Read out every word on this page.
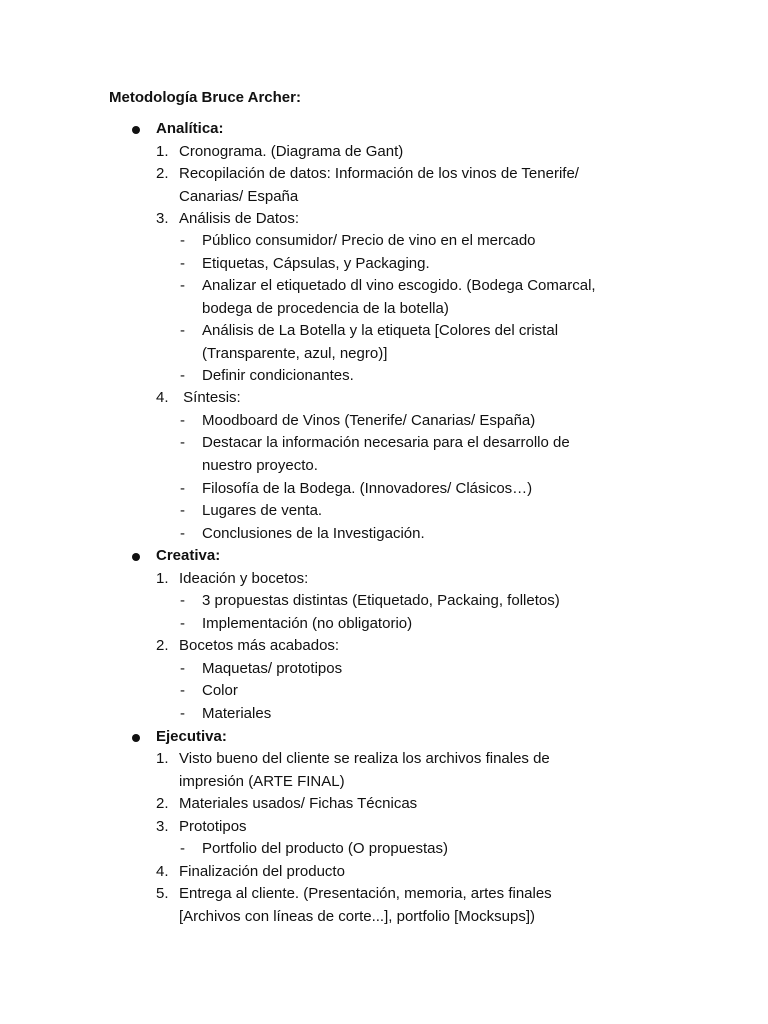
Metodología Bruce Archer:
Analítica:
1. Cronograma. (Diagrama de Gant)
2. Recopilación de datos: Información de los vinos de Tenerife/ Canarias/ España
3. Análisis de Datos:
- Público consumidor/ Precio de vino en el mercado
- Etiquetas, Cápsulas, y Packaging.
- Analizar el etiquetado dl vino escogido. (Bodega Comarcal, bodega de procedencia de la botella)
- Análisis de La Botella y la etiqueta [Colores del cristal (Transparente, azul, negro)]
- Definir condicionantes.
4. Síntesis:
- Moodboard de Vinos (Tenerife/ Canarias/ España)
- Destacar la información necesaria para el desarrollo de nuestro proyecto.
- Filosofía de la Bodega. (Innovadores/ Clásicos…)
- Lugares de venta.
- Conclusiones de la Investigación.
Creativa:
1. Ideación y bocetos:
- 3 propuestas distintas (Etiquetado, Packaing, folletos)
- Implementación (no obligatorio)
2. Bocetos más acabados:
- Maquetas/ prototipos
- Color
- Materiales
Ejecutiva:
1. Visto bueno del cliente se realiza los archivos finales de impresión (ARTE FINAL)
2. Materiales usados/ Fichas Técnicas
3. Prototipos
- Portfolio del producto (O propuestas)
4. Finalización del producto
5. Entrega al cliente. (Presentación, memoria, artes finales [Archivos con líneas de corte...], portfolio [Mocksups])
